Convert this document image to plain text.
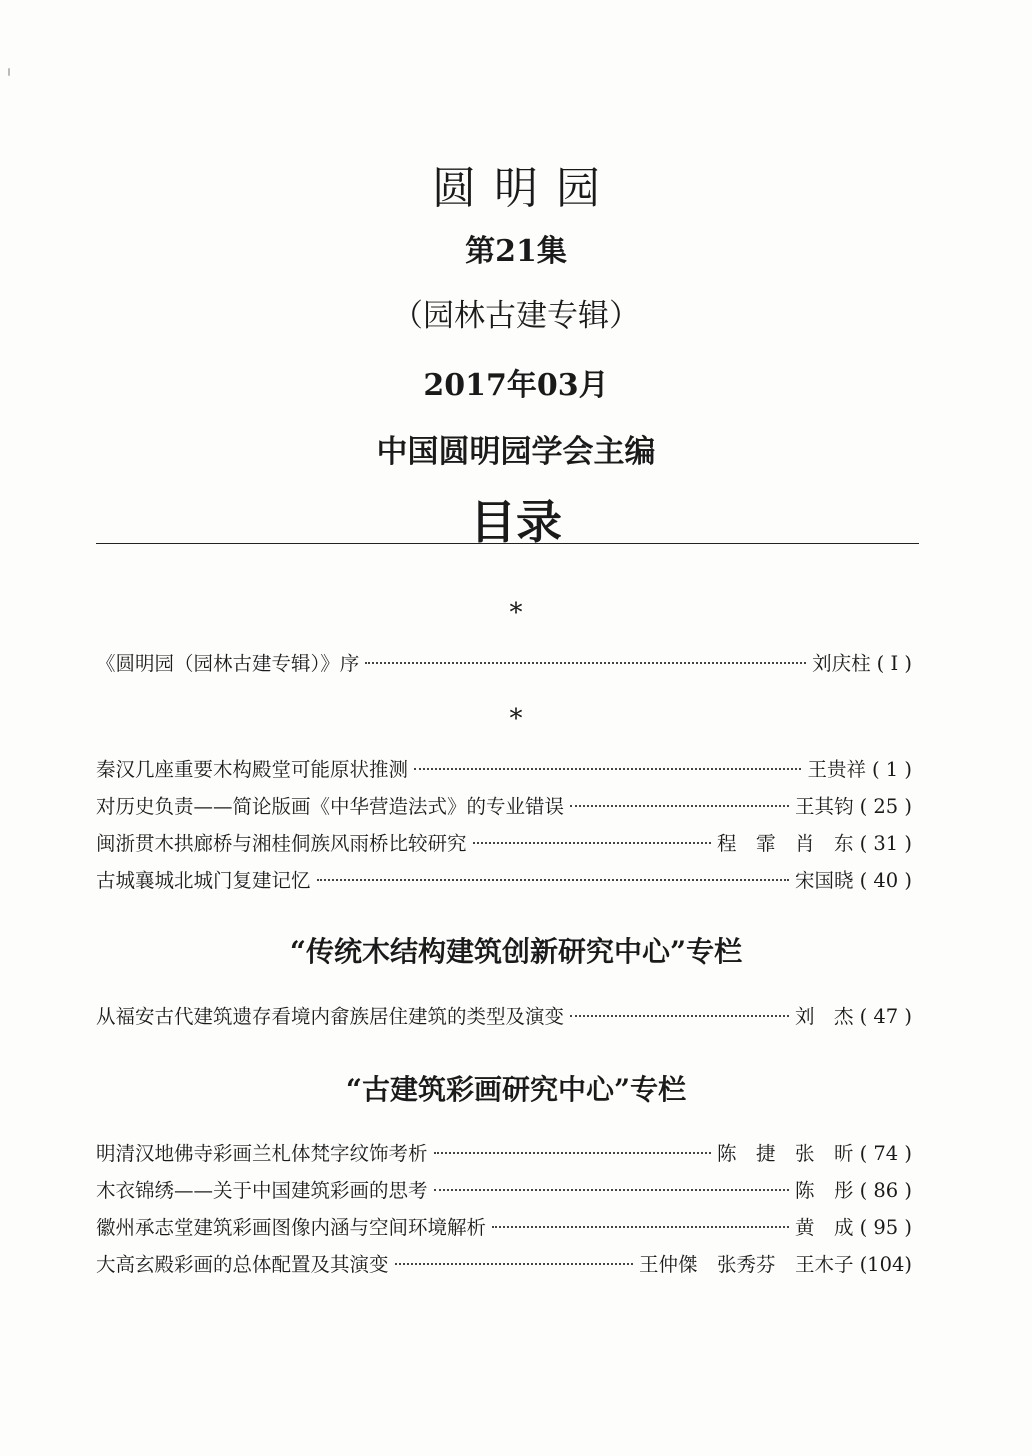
圆明园
第21集
（园林古建专辑）
2017年03月
中国圆明园学会主编
目录
*
《圆明园（园林古建专辑）》序	刘庆柱 ( I )
*
秦汉几座重要木构殿堂可能原状推测	王贵祥 ( 1 )
对历史负责——简论版画《中华营造法式》的专业错误	王其钧 ( 25 )
闽浙贯木拱廊桥与湘桂侗族风雨桥比较研究	程　霏　肖　东 ( 31 )
古城襄城北城门复建记忆	宋国晓 ( 40 )
“传统木结构建筑创新研究中心”专栏
从福安古代建筑遗存看境内畲族居住建筑的类型及演变	刘　杰 ( 47 )
“古建筑彩画研究中心”专栏
明清汉地佛寺彩画兰札体梵字纹饰考析	陈　捷　张　昕 ( 74 )
木衣锦绣——关于中国建筑彩画的思考	陈　彤 ( 86 )
徽州承志堂建筑彩画图像内涵与空间环境解析	黄　成 ( 95 )
大高玄殿彩画的总体配置及其演变	王仲傑　张秀芬　王木子 (104)
